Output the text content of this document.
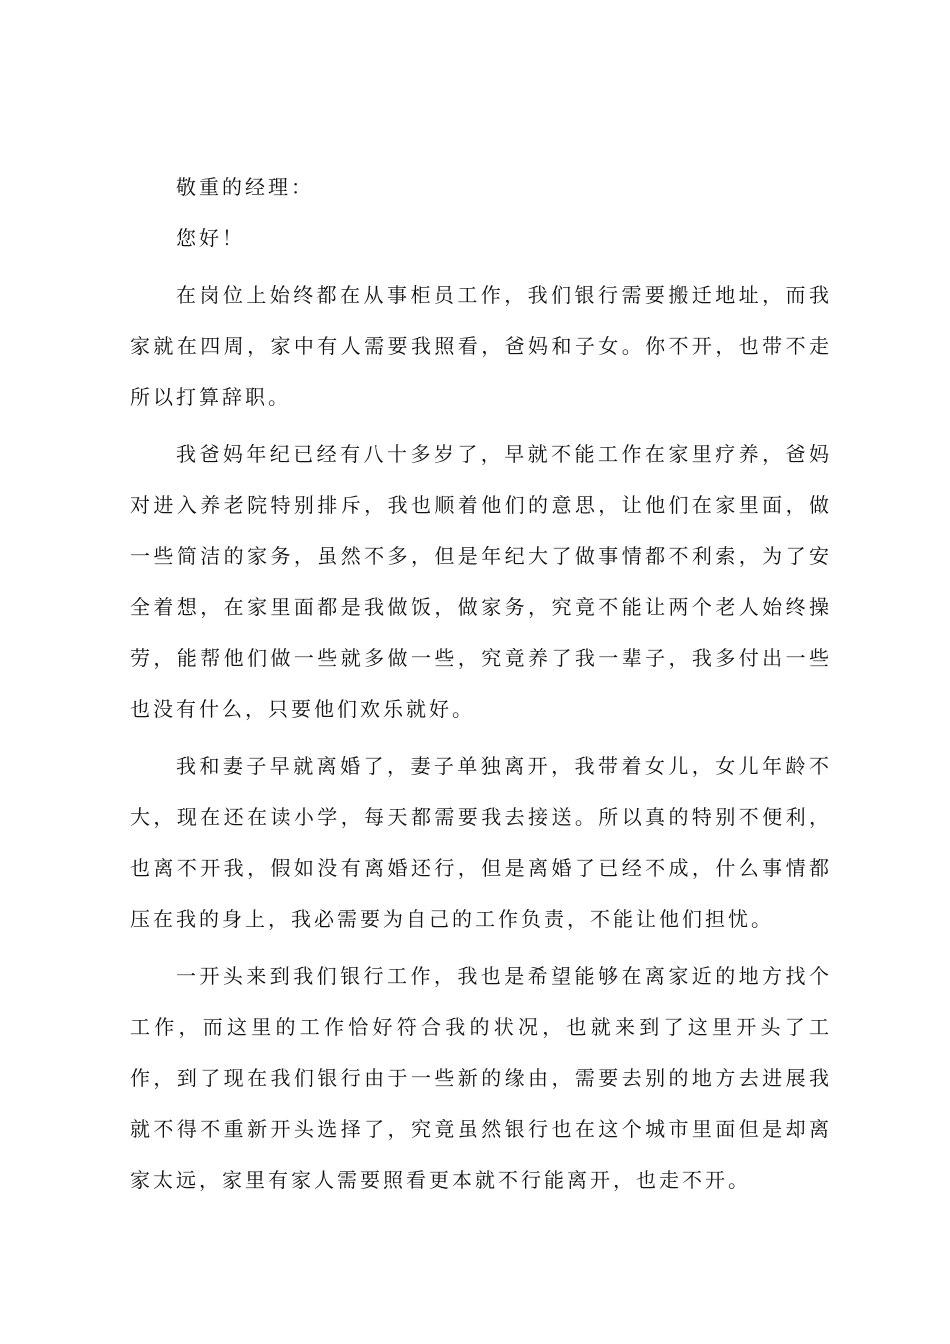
敬重的经理：

您好！

在岗位上始终都在从事柜员工作，我们银行需要搬迁地址，而我家就在四周，家中有人需要我照看，爸妈和子女。你不开，也带不走所以打算辞职。

我爸妈年纪已经有八十多岁了，早就不能工作在家里疗养，爸妈对进入养老院特别排斥，我也顺着他们的意思，让他们在家里面，做一些简洁的家务，虽然不多，但是年纪大了做事情都不利索，为了安全着想，在家里面都是我做饭，做家务，究竟不能让两个老人始终操劳，能帮他们做一些就多做一些，究竟养了我一辈子，我多付出一些也没有什么，只要他们欢乐就好。

我和妻子早就离婚了，妻子单独离开，我带着女儿，女儿年龄不大，现在还在读小学，每天都需要我去接送。所以真的特别不便利，也离不开我，假如没有离婚还行，但是离婚了已经不成，什么事情都压在我的身上，我必需要为自己的工作负责，不能让他们担忧。

一开头来到我们银行工作，我也是希望能够在离家近的地方找个工作，而这里的工作恰好符合我的状况，也就来到了这里开头了工作，到了现在我们银行由于一些新的缘由，需要去别的地方去进展我就不得不重新开头选择了，究竟虽然银行也在这个城市里面但是却离家太远，家里有家人需要照看更本就不行能离开，也走不开。
